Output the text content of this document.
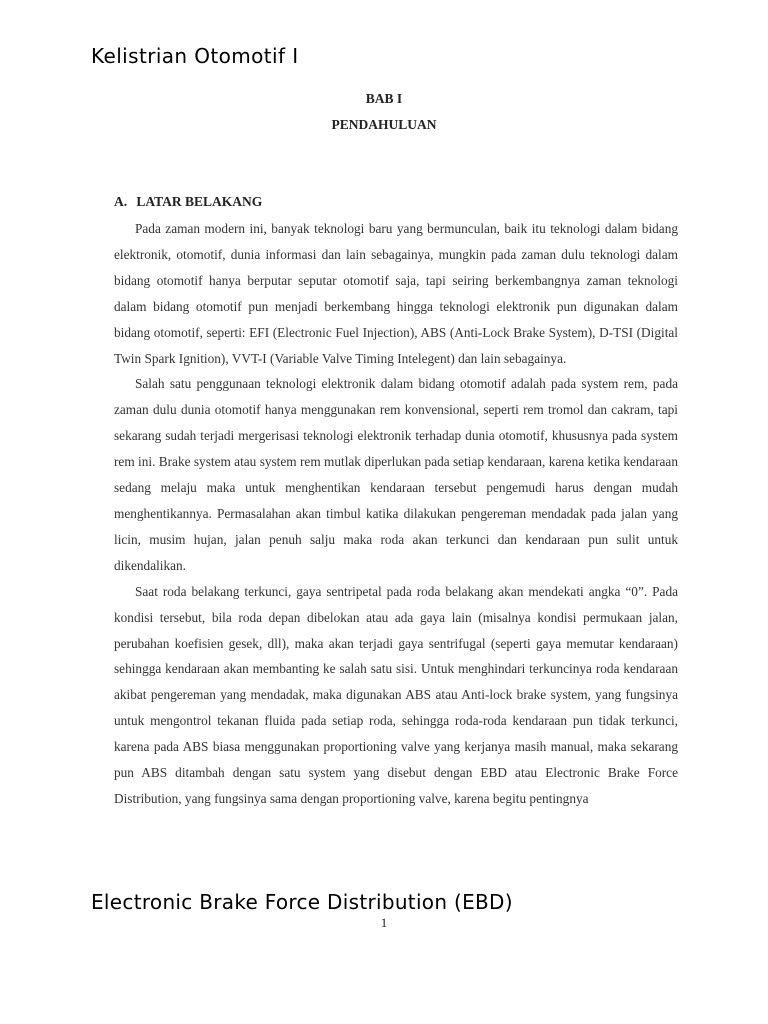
Kelistrian Otomotif I
BAB I
PENDAHULUAN
A. LATAR BELAKANG

Pada zaman modern ini, banyak teknologi baru yang bermunculan, baik itu teknologi dalam bidang elektronik, otomotif, dunia informasi dan lain sebagainya, mungkin pada zaman dulu teknologi dalam bidang otomotif hanya berputar seputar otomotif saja, tapi seiring berkembangnya zaman teknologi dalam bidang otomotif pun menjadi berkembang hingga teknologi elektronik pun digunakan dalam bidang otomotif, seperti: EFI (Electronic Fuel Injection), ABS (Anti-Lock Brake System), D-TSI (Digital Twin Spark Ignition), VVT-I (Variable Valve Timing Intelegent) dan lain sebagainya.

Salah satu penggunaan teknologi elektronik dalam bidang otomotif adalah pada system rem, pada zaman dulu dunia otomotif hanya menggunakan rem konvensional, seperti rem tromol dan cakram, tapi sekarang sudah terjadi mergerisasi teknologi elektronik terhadap dunia otomotif, khususnya pada system rem ini. Brake system atau system rem mutlak diperlukan pada setiap kendaraan, karena ketika kendaraan sedang melaju maka untuk menghentikan kendaraan tersebut pengemudi harus dengan mudah menghentikannya. Permasalahan akan timbul katika dilakukan pengereman mendadak pada jalan yang licin, musim hujan, jalan penuh salju maka roda akan terkunci dan kendaraan pun sulit untuk dikendalikan.

Saat roda belakang terkunci, gaya sentripetal pada roda belakang akan mendekati angka “0”. Pada kondisi tersebut, bila roda depan dibelokan atau ada gaya lain (misalnya kondisi permukaan jalan, perubahan koefisien gesek, dll), maka akan terjadi gaya sentrifugal (seperti gaya memutar kendaraan) sehingga kendaraan akan membanting ke salah satu sisi. Untuk menghindari terkuncinya roda kendaraan akibat pengereman yang mendadak, maka digunakan ABS atau Anti-lock brake system, yang fungsinya untuk mengontrol tekanan fluida pada setiap roda, sehingga roda-roda kendaraan pun tidak terkunci, karena pada ABS biasa menggunakan proportioning valve yang kerjanya masih manual, maka sekarang pun ABS ditambah dengan satu system yang disebut dengan EBD atau Electronic Brake Force Distribution, yang fungsinya sama dengan proportioning valve, karena begitu pentingnya

Electronic Brake Force Distribution (EBD)
1
